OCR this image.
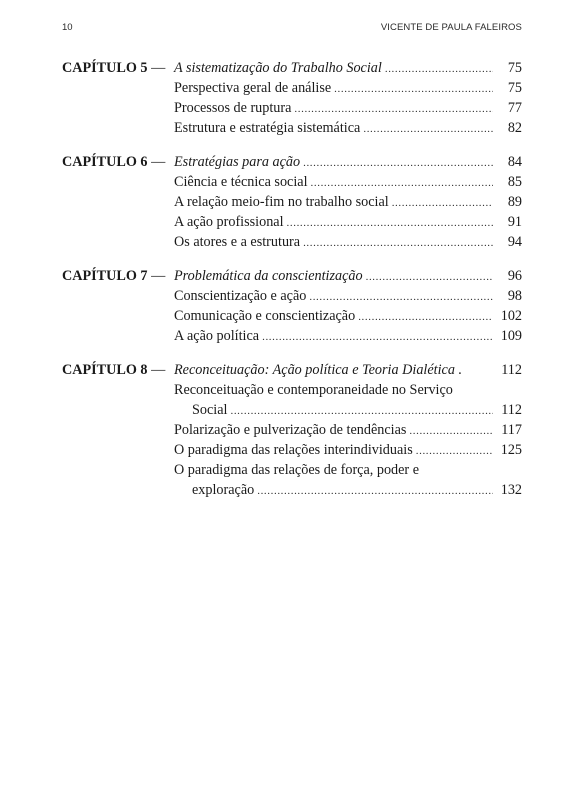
10	VICENTE DE PAULA FALEIROS
CAPÍTULO 5 — A sistematização do Trabalho Social .....	75
Perspectiva geral de análise .....	75
Processos de ruptura .....	77
Estrutura e estratégia sistemática .....	82
CAPÍTULO 6 — Estratégias para ação .....	84
Ciência e técnica social .....	85
A relação meio-fim no trabalho social .....	89
A ação profissional .....	91
Os atores e a estrutura .....	94
CAPÍTULO 7 — Problemática da conscientização .....	96
Conscientização e ação .....	98
Comunicação e conscientização .....	102
A ação política .....	109
CAPÍTULO 8 — Reconceituação: Ação política e Teoria Dialética .	112
Reconceituação e contemporaneidade no Serviço
Social .....	112
Polarização e pulverização de tendências .....	117
O paradigma das relações interindividuais .....	125
O paradigma das relações de força, poder e
exploração .....	132
